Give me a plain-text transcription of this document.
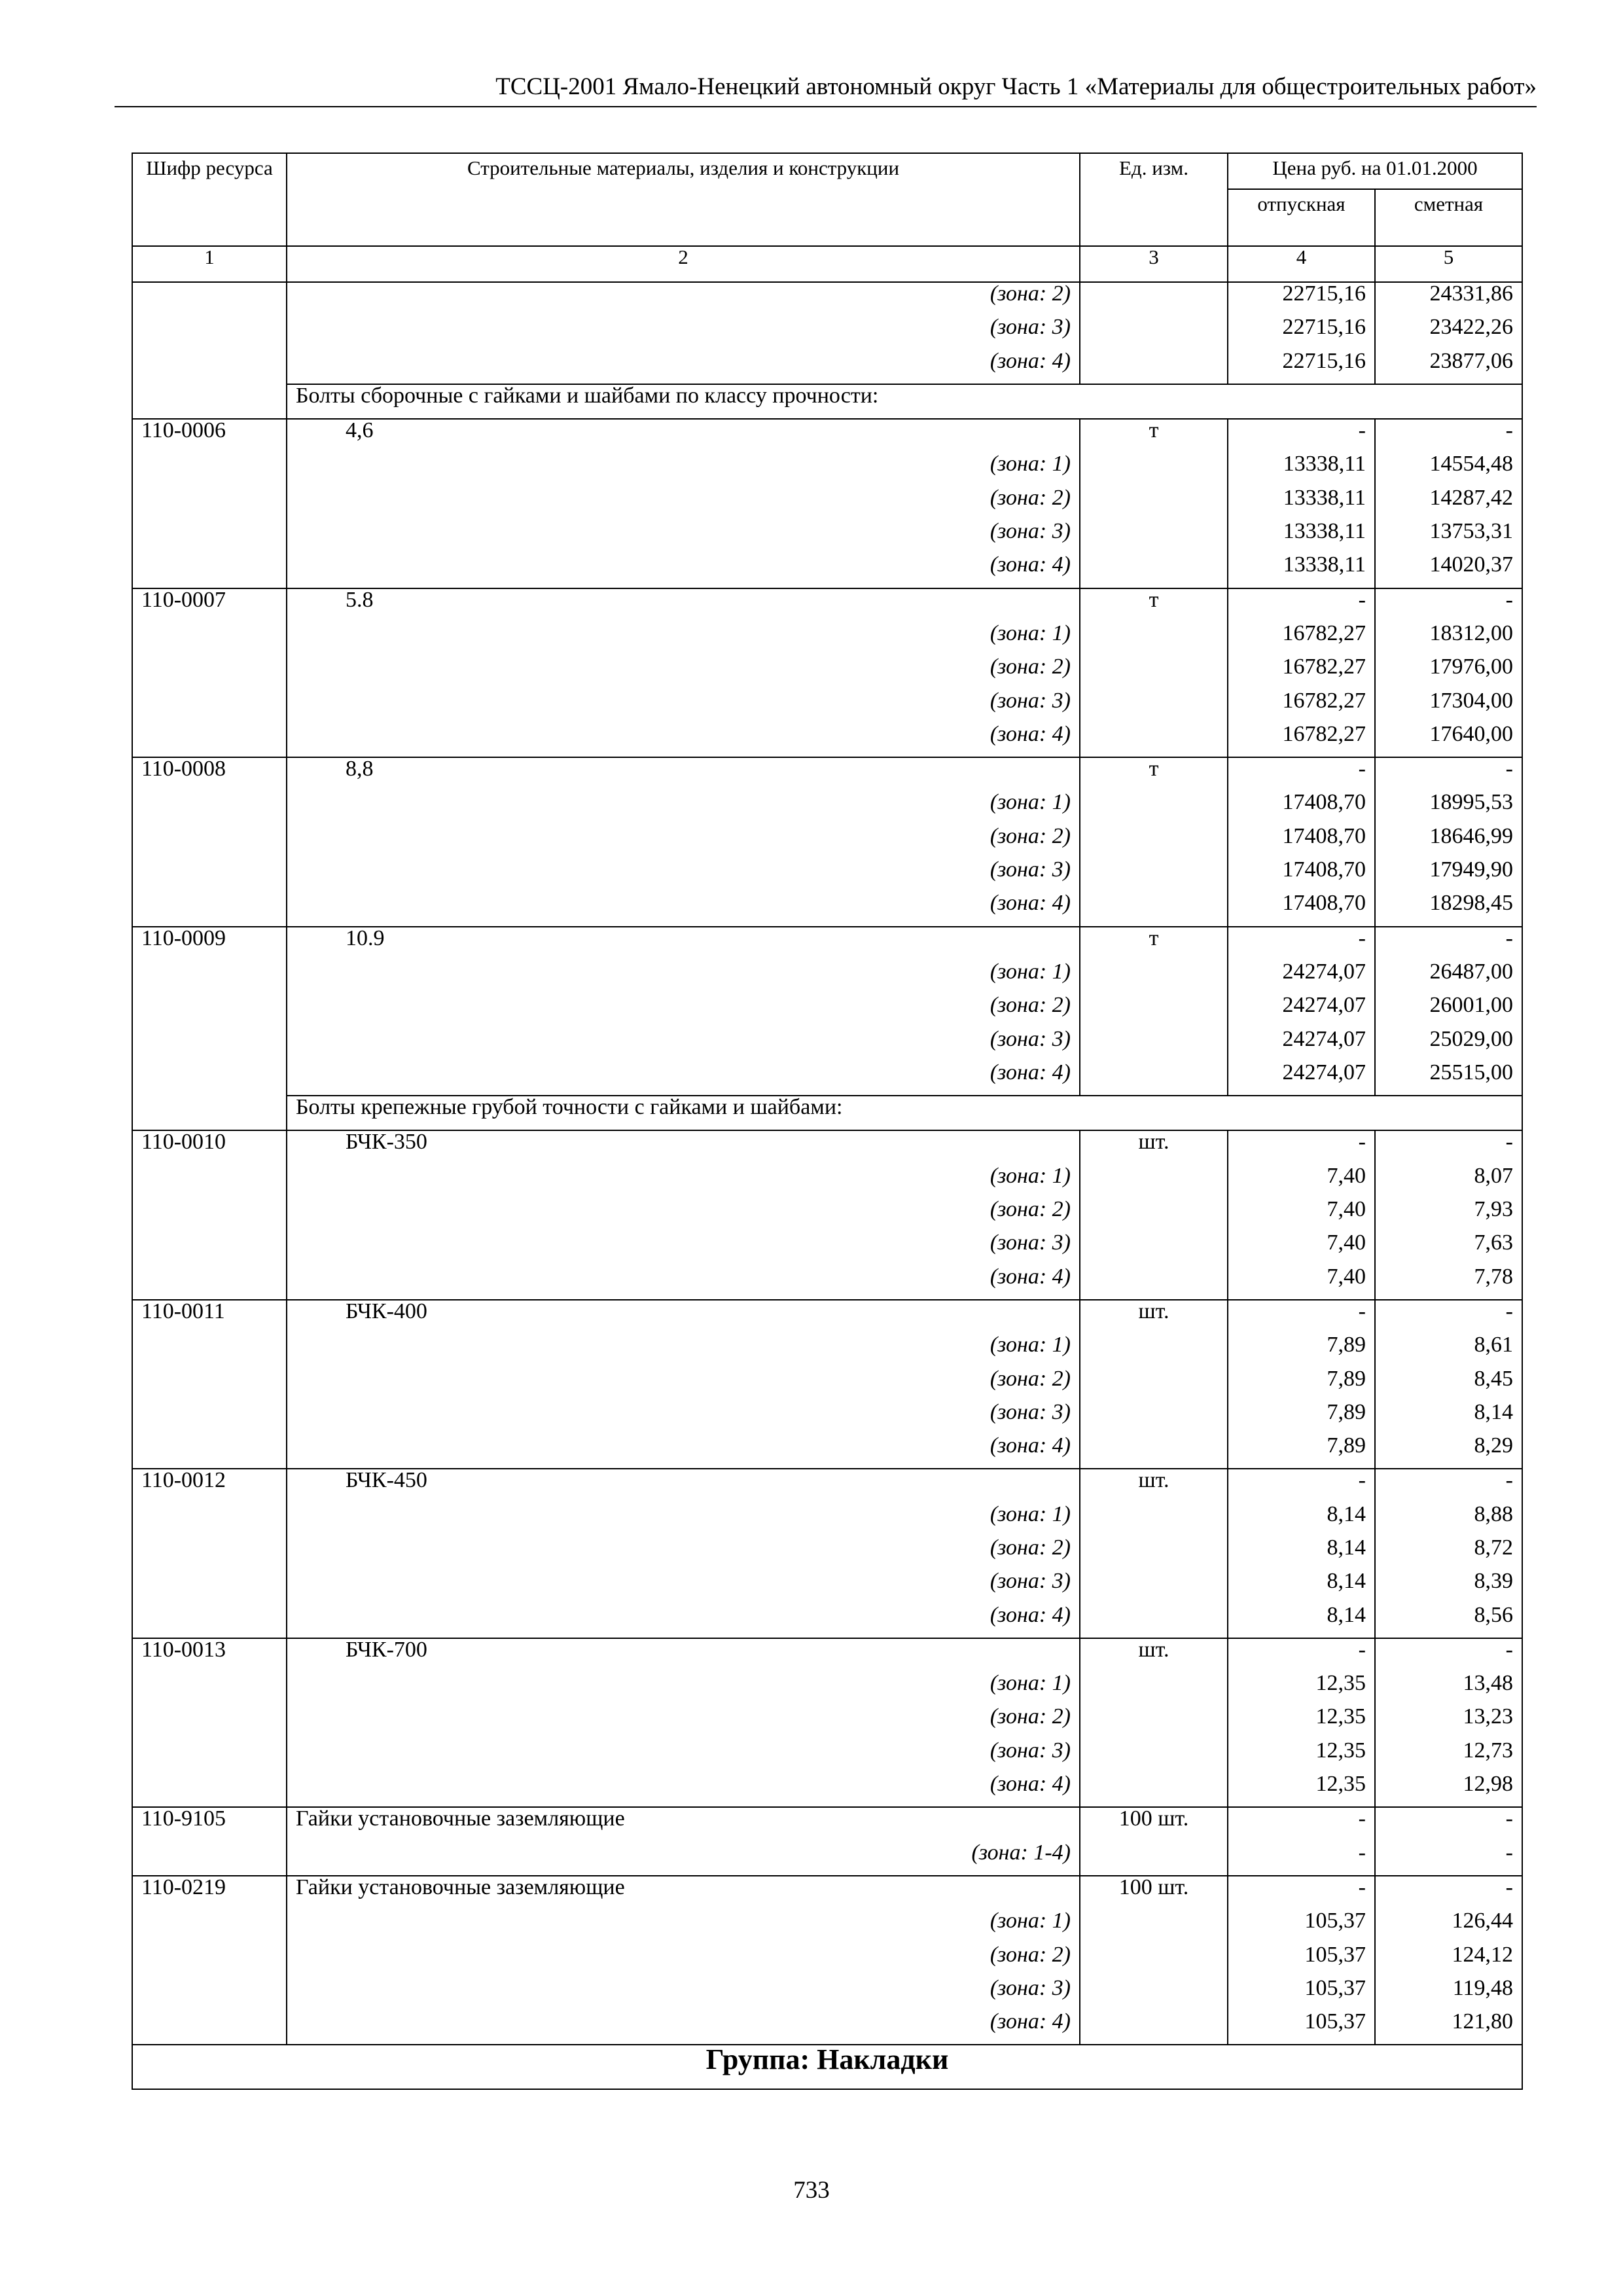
ТССЦ-2001 Ямало-Ненецкий автономный округ Часть 1 «Материалы для общестроительных работ»
Шифр ресурса	Строительные материалы, изделия и конструкции	Ед. изм.	Цена руб. на 01.01.2000	
			отпускная	сметная
1	2	3	4	5
	(зона: 2)		22715,16	24331,86
	(зона: 3)		22715,16	23422,26
	(зона: 4)		22715,16	23877,06
	Болты сборочные с гайками и шайбами по классу прочности:			
110-0006	4,6	т	-	-
	(зона: 1)		13338,11	14554,48
	(зона: 2)		13338,11	14287,42
	(зона: 3)		13338,11	13753,31
	(зона: 4)		13338,11	14020,37
110-0007	5.8	т	-	-
	(зона: 1)		16782,27	18312,00
	(зона: 2)		16782,27	17976,00
	(зона: 3)		16782,27	17304,00
	(зона: 4)		16782,27	17640,00
110-0008	8,8	т	-	-
	(зона: 1)		17408,70	18995,53
	(зона: 2)		17408,70	18646,99
	(зона: 3)		17408,70	17949,90
	(зона: 4)		17408,70	18298,45
110-0009	10.9	т	-	-
	(зона: 1)		24274,07	26487,00
	(зона: 2)		24274,07	26001,00
	(зона: 3)		24274,07	25029,00
	(зона: 4)		24274,07	25515,00
	Болты крепежные грубой точности с гайками и шайбами:			
110-0010	БЧК-350	шт.	-	-
	(зона: 1)		7,40	8,07
	(зона: 2)		7,40	7,93
	(зона: 3)		7,40	7,63
	(зона: 4)		7,40	7,78
110-0011	БЧК-400	шт.	-	-
	(зона: 1)		7,89	8,61
	(зона: 2)		7,89	8,45
	(зона: 3)		7,89	8,14
	(зона: 4)		7,89	8,29
110-0012	БЧК-450	шт.	-	-
	(зона: 1)		8,14	8,88
	(зона: 2)		8,14	8,72
	(зона: 3)		8,14	8,39
	(зона: 4)		8,14	8,56
110-0013	БЧК-700	шт.	-	-
	(зона: 1)		12,35	13,48
	(зона: 2)		12,35	13,23
	(зона: 3)		12,35	12,73
	(зона: 4)		12,35	12,98
110-9105	Гайки установочные заземляющие	100 шт.	-	-
	(зона: 1-4)		-	-
110-0219	Гайки установочные заземляющие	100 шт.	-	-
	(зона: 1)		105,37	126,44
	(зона: 2)		105,37	124,12
	(зона: 3)		105,37	119,48
	(зона: 4)		105,37	121,80
Группа: Накладки				
733
